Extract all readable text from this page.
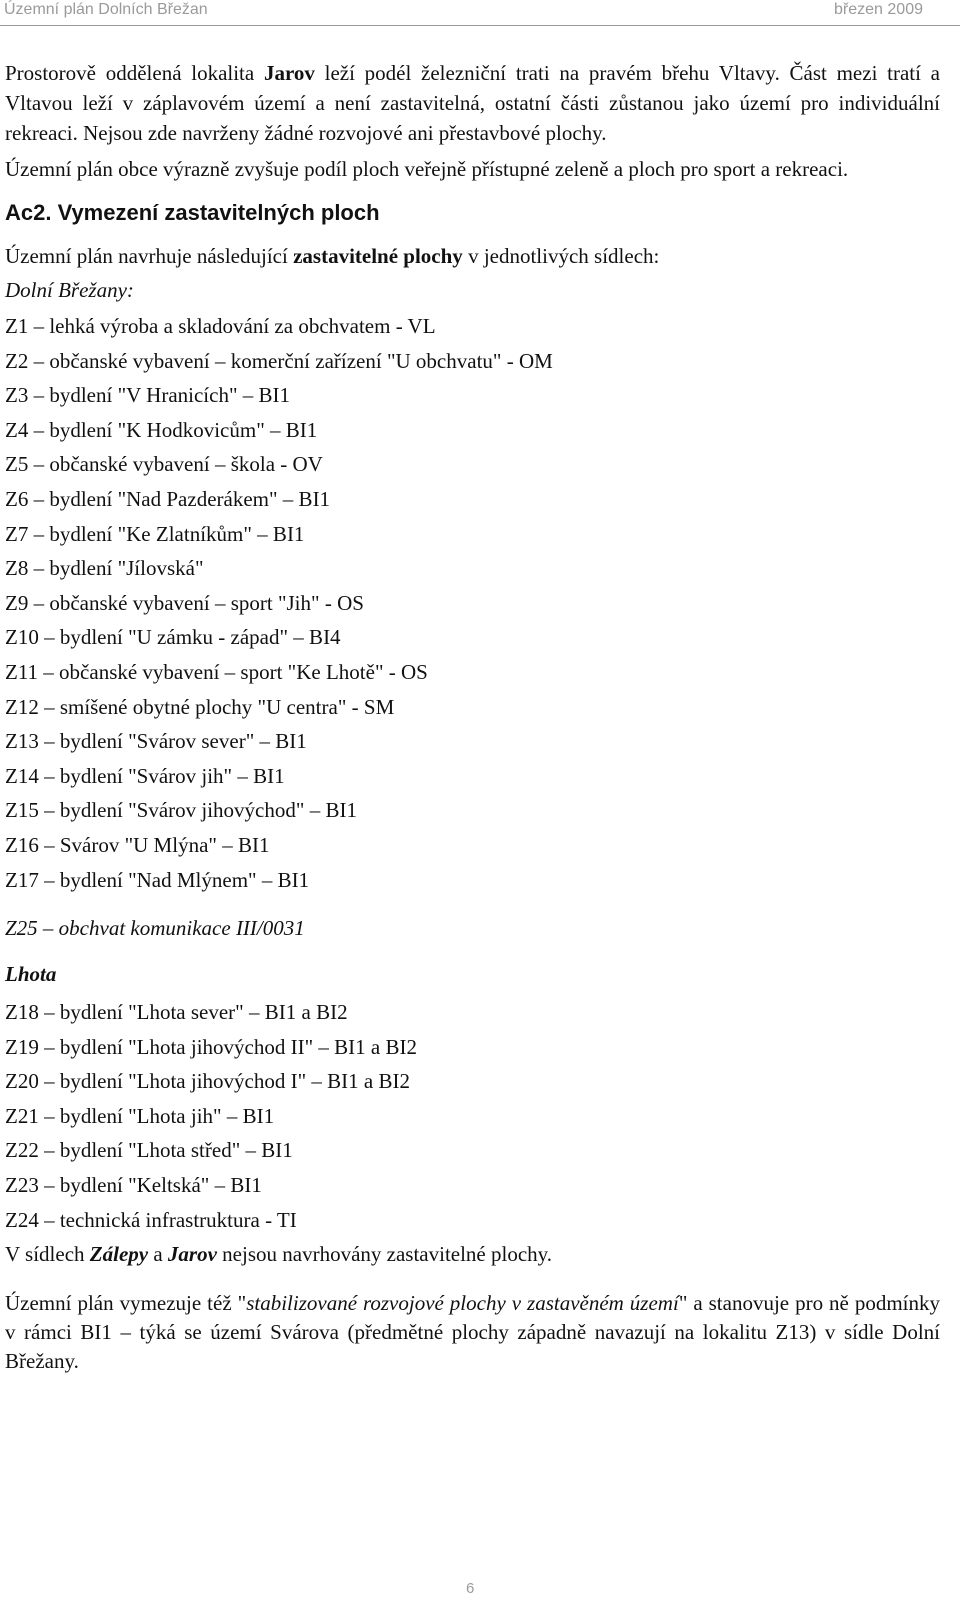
Územní plán Dolních Břežan	březen 2009

Prostorově oddělená lokalita Jarov leží podél železniční trati na pravém břehu Vltavy. Část mezi tratí a Vltavou leží v záplavovém území a není zastavitelná, ostatní části zůstanou jako území pro individuální rekreaci. Nejsou zde navrženy žádné rozvojové ani přestavbové plochy.

Územní plán obce výrazně zvyšuje podíl ploch veřejně přístupné zeleně a ploch pro sport a rekreaci.

Ac2. Vymezení zastavitelných ploch
Územní plán navrhuje následující zastavitelné plochy v jednotlivých sídlech:
Dolní Břežany:
Z1 – lehká výroba a skladování za obchvatem - VL
Z2 – občanské vybavení – komerční zařízení "U obchvatu" - OM
Z3 – bydlení "V Hranicích" – BI1
Z4 – bydlení "K Hodkovicům" – BI1
Z5 – občanské vybavení – škola - OV
Z6 – bydlení "Nad Pazderákem" – BI1
Z7 – bydlení "Ke Zlatníkům" – BI1
Z8 – bydlení "Jílovská"
Z9 – občanské vybavení – sport "Jih" - OS
Z10 – bydlení "U zámku - západ" – BI4
Z11 – občanské vybavení – sport "Ke Lhotě" - OS
Z12 – smíšené obytné plochy "U centra" - SM
Z13 – bydlení "Svárov sever" – BI1
Z14 – bydlení "Svárov jih" – BI1
Z15 – bydlení "Svárov jihovýchod" – BI1
Z16 – Svárov "U Mlýna" – BI1
Z17 – bydlení "Nad Mlýnem" – BI1
Z25 – obchvat komunikace III/0031
Lhota
Z18 – bydlení "Lhota sever" – BI1 a BI2
Z19 – bydlení "Lhota jihovýchod II" – BI1 a BI2
Z20 – bydlení "Lhota jihovýchod I" – BI1 a BI2
Z21 – bydlení "Lhota jih" – BI1
Z22 – bydlení "Lhota střed" – BI1
Z23 – bydlení "Keltská" – BI1
Z24 – technická infrastruktura - TI
V sídlech Zálepy a Jarov nejsou navrhovány zastavitelné plochy.
Územní plán vymezuje též "stabilizované rozvojové plochy v zastavěném území" a stanovuje pro ně podmínky v rámci BI1 – týká se území Svárova (předmětné plochy západně navazují na lokalitu Z13) v sídle Dolní Břežany.
6
